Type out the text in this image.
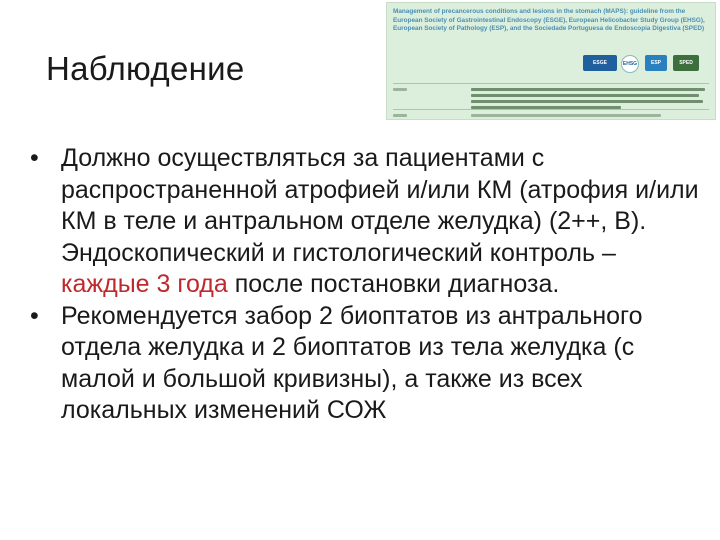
Наблюдение
Management of precancerous conditions and lesions in the stomach (MAPS): guideline from the European Society of Gastrointestinal Endoscopy (ESGE), European Helicobacter Study Group (EHSG), European Society of Pathology (ESP), and the Sociedade Portuguesa de Endoscopia Digestiva (SPED)
ESGE	EHSG	ESP	SPED
• Должно осуществляться за пациентами с распространенной атрофией и/или КМ (атрофия и/или КМ в теле и антральном отделе желудка) (2++, B). Эндоскопический и гистологический контроль – каждые 3 года после постановки диагноза.
• Рекомендуется забор 2 биоптатов из антрального отдела желудка и 2 биоптатов из тела желудка (с малой и большой кривизны), а также из всех локальных изменений СОЖ
